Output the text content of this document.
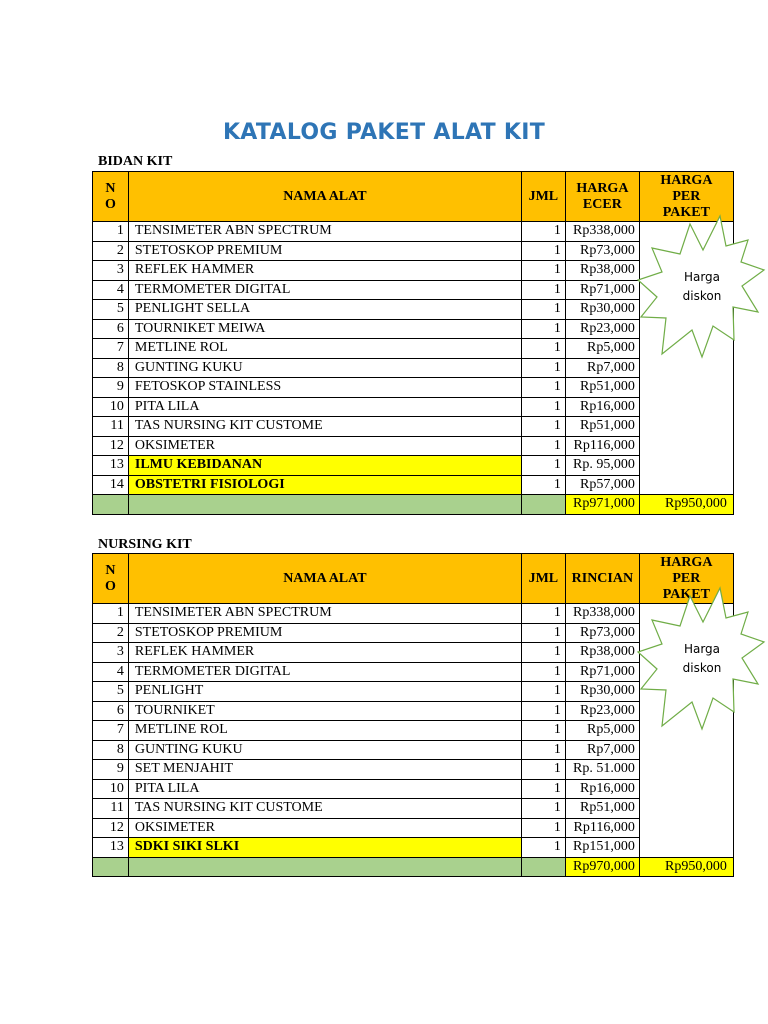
KATALOG PAKET ALAT KIT
BIDAN KIT
N O	NAMA ALAT	JML	HARGA ECER	HARGA PER PAKET
1	TENSIMETER ABN SPECTRUM	1	Rp338,000	
2	STETOSKOP PREMIUM	1	Rp73,000	
3	REFLEK HAMMER	1	Rp38,000	
4	TERMOMETER DIGITAL	1	Rp71,000	
5	PENLIGHT SELLA	1	Rp30,000	
6	TOURNIKET MEIWA	1	Rp23,000	
7	METLINE ROL	1	Rp5,000	
8	GUNTING KUKU	1	Rp7,000	
9	FETOSKOP STAINLESS	1	Rp51,000	
10	PITA LILA	1	Rp16,000	
11	TAS NURSING KIT CUSTOME	1	Rp51,000	
12	OKSIMETER	1	Rp116,000	
13	ILMU KEBIDANAN	1	Rp. 95,000	
14	OBSTETRI FISIOLOGI	1	Rp57,000	
			Rp971,000	Rp950,000
Harga
diskon
NURSING KIT
N O	NAMA ALAT	JML	RINCIAN	HARGA PER PAKET
1	TENSIMETER ABN SPECTRUM	1	Rp338,000	
2	STETOSKOP PREMIUM	1	Rp73,000	
3	REFLEK HAMMER	1	Rp38,000	
4	TERMOMETER DIGITAL	1	Rp71,000	
5	PENLIGHT	1	Rp30,000	
6	TOURNIKET	1	Rp23,000	
7	METLINE ROL	1	Rp5,000	
8	GUNTING KUKU	1	Rp7,000	
9	SET MENJAHIT	1	Rp. 51.000	
10	PITA LILA	1	Rp16,000	
11	TAS NURSING KIT CUSTOME	1	Rp51,000	
12	OKSIMETER	1	Rp116,000	
13	SDKI SIKI SLKI	1	Rp151,000	
			Rp970,000	Rp950,000
Harga
diskon
